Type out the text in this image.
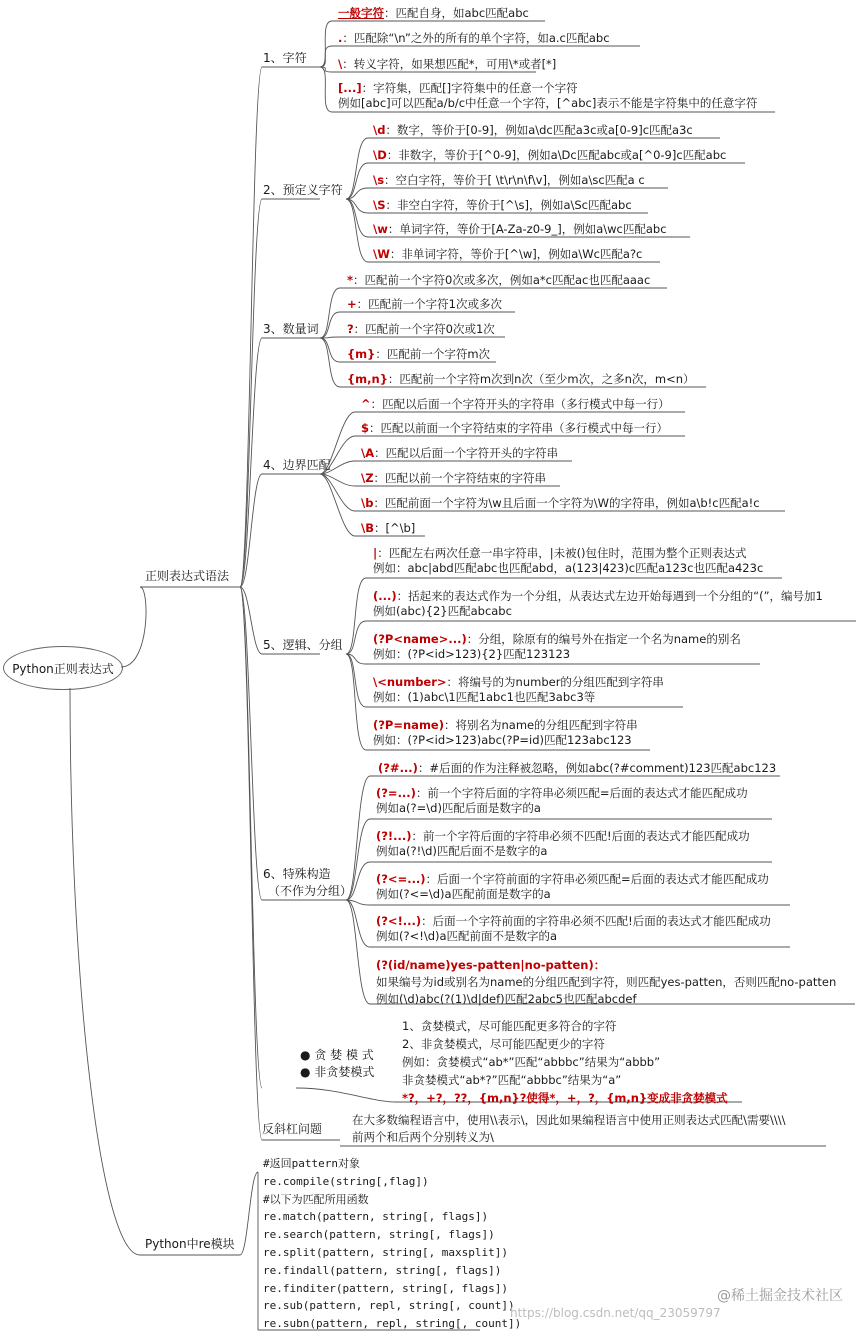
Python正则表达式
正则表达式语法
Python中re模块
1、字符
一般字符：匹配自身，如abc匹配abc
.：匹配除“\n”之外的所有的单个字符，如a.c匹配abc
\：转义字符，如果想匹配*，可用\*或者[*]
[...]：字符集，匹配[]字符集中的任意一个字符
例如[abc]可以匹配a/b/c中任意一个字符，[^abc]表示不能是字符集中的任意字符
2、预定义字符
\d：数字，等价于[0-9]，例如a\dc匹配a3c或a[0-9]c匹配a3c
\D：非数字，等价于[^0-9]，例如a\Dc匹配abc或a[^0-9]c匹配abc
\s：空白字符，等价于[ \t\r\n\f\v]，例如a\sc匹配a c
\S：非空白字符，等价于[^\s]，例如a\Sc匹配abc
\w：单词字符，等价于[A-Za-z0-9_]，例如a\wc匹配abc
\W：非单词字符，等价于[^\w]，例如a\Wc匹配a?c
3、数量词
*：匹配前一个字符0次或多次，例如a*c匹配ac也匹配aaac
+：匹配前一个字符1次或多次
?：匹配前一个字符0次或1次
{m}：匹配前一个字符m次
{m,n}：匹配前一个字符m次到n次（至少m次，之多n次，m<n）
4、边界匹配
^：匹配以后面一个字符开头的字符串（多行模式中每一行）
$：匹配以前面一个字符结束的字符串（多行模式中每一行）
\A：匹配以后面一个字符开头的字符串
\Z：匹配以前一个字符结束的字符串
\b：匹配前面一个字符为\w且后面一个字符为\W的字符串，例如a\b!c匹配a!c
\B：[^\b]
5、逻辑、分组
|：匹配左右两次任意一串字符串，|未被()包住时，范围为整个正则表达式
例如：abc|abd匹配abc也匹配abd，a(123|423)c匹配a123c也匹配a423c
(...)：括起来的表达式作为一个分组，从表达式左边开始每遇到一个分组的“(”，编号加1
例如(abc){2}匹配abcabc
(?P<name>...)：分组，除原有的编号外在指定一个名为name的别名
例如：(?P<id>123){2}匹配123123
\<number>：将编号的为number的分组匹配到字符串
例如：(1)abc\1匹配1abc1也匹配3abc3等
(?P=name)：将别名为name的分组匹配到字符串
例如：(?P<id>123)abc(?P=id)匹配123abc123
6、特殊构造
（不作为分组）
(?#...)：#后面的作为注释被忽略，例如abc(?#comment)123匹配abc123
(?=...)：前一个字符后面的字符串必须匹配=后面的表达式才能匹配成功
例如a(?=\d)匹配后面是数字的a
(?!...)：前一个字符后面的字符串必须不匹配!后面的表达式才能匹配成功
例如a(?!\d)匹配后面不是数字的a
(?<=...)：后面一个字符前面的字符串必须匹配=后面的表达式才能匹配成功
例如(?<=\d)a匹配前面是数字的a
(?<!...)：后面一个字符前面的字符串必须不匹配!后面的表达式才能匹配成功
例如(?<!\d)a匹配前面不是数字的a
(?(id/name)yes-patten|no-patten)：
如果编号为id或别名为name的分组匹配到字符，则匹配yes-patten，否则匹配no-patten
例如(\d)abc(?(1)\d|def)匹配2abc5也匹配abcdef
● 贪 婪 模 式
● 非贪婪模式
1、贪婪模式，尽可能匹配更多符合的字符
2、非贪婪模式，尽可能匹配更少的字符
例如：贪婪模式“ab*”匹配“abbbc”结果为“abbb”
非贪婪模式“ab*?”匹配“abbbc”结果为“a”
*?，+?，??，{m,n}?使得*，+，?，{m,n}变成非贪婪模式
反斜杠问题
在大多数编程语言中，使用\\表示\，因此如果编程语言中使用正则表达式匹配\需要\\\\
前两个和后两个分别转义为\
#返回pattern对象
re.compile(string[,flag])
#以下为匹配所用函数
re.match(pattern, string[, flags])
re.search(pattern, string[, flags])
re.split(pattern, string[, maxsplit])
re.findall(pattern, string[, flags])
re.finditer(pattern, string[, flags])
re.sub(pattern, repl, string[, count])
re.subn(pattern, repl, string[, count])
@稀土掘金技术社区
https://blog.csdn.net/qq_23059797
